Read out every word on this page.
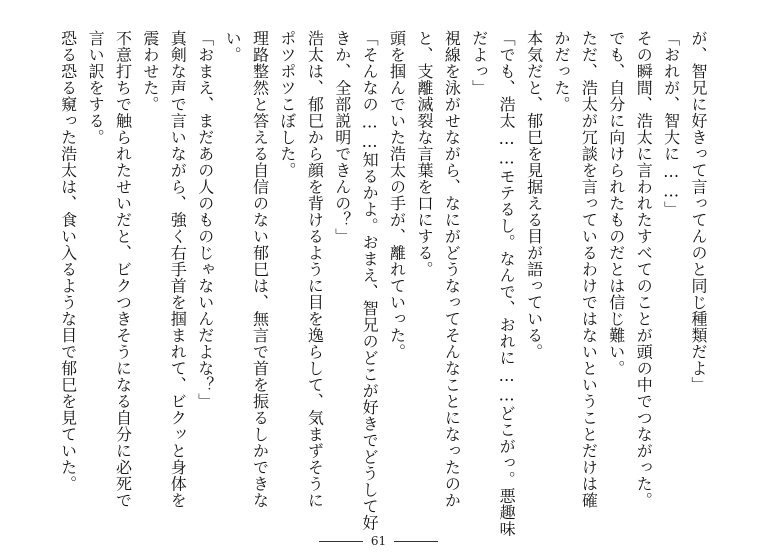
が、智兄に好きって言ってんのと同じ種類だよ」
「おれが、智大に……」
その瞬間、浩太に言われたすべてのことが頭の中でつながった。
でも、自分に向けられたものだとは信じ難い。
ただ、浩太が冗談を言っているわけではないということだけは確
かだった。
本気だと、郁巳を見据える目が語っている。
「でも、浩太……モテるし。なんで、おれに……どこがっ。悪趣味
だよっ」
視線を泳がせながら、なにがどうなってそんなことになったのか
と、支離滅裂な言葉を口にする。
頭を掴んでいた浩太の手が、離れていった。
「そんなの……知るかよ。おまえ、智兄のどこが好きでどうして好
きか、全部説明できんの？」
浩太は、郁巳から顔を背けるように目を逸らして、気まずそうに
ポツポツこぼした。
理路整然と答える自信のない郁巳は、無言で首を振るしかできな
い。
「おまえ、まだあの人のものじゃないんだよな？」
真剣な声で言いながら、強く右手首を掴まれて、ビクッと身体を
震わせた。
不意打ちで触られたせいだと、ビクつきそうになる自分に必死で
言い訳をする。
恐る恐る窺った浩太は、食い入るような目で郁巳を見ていた。
61
